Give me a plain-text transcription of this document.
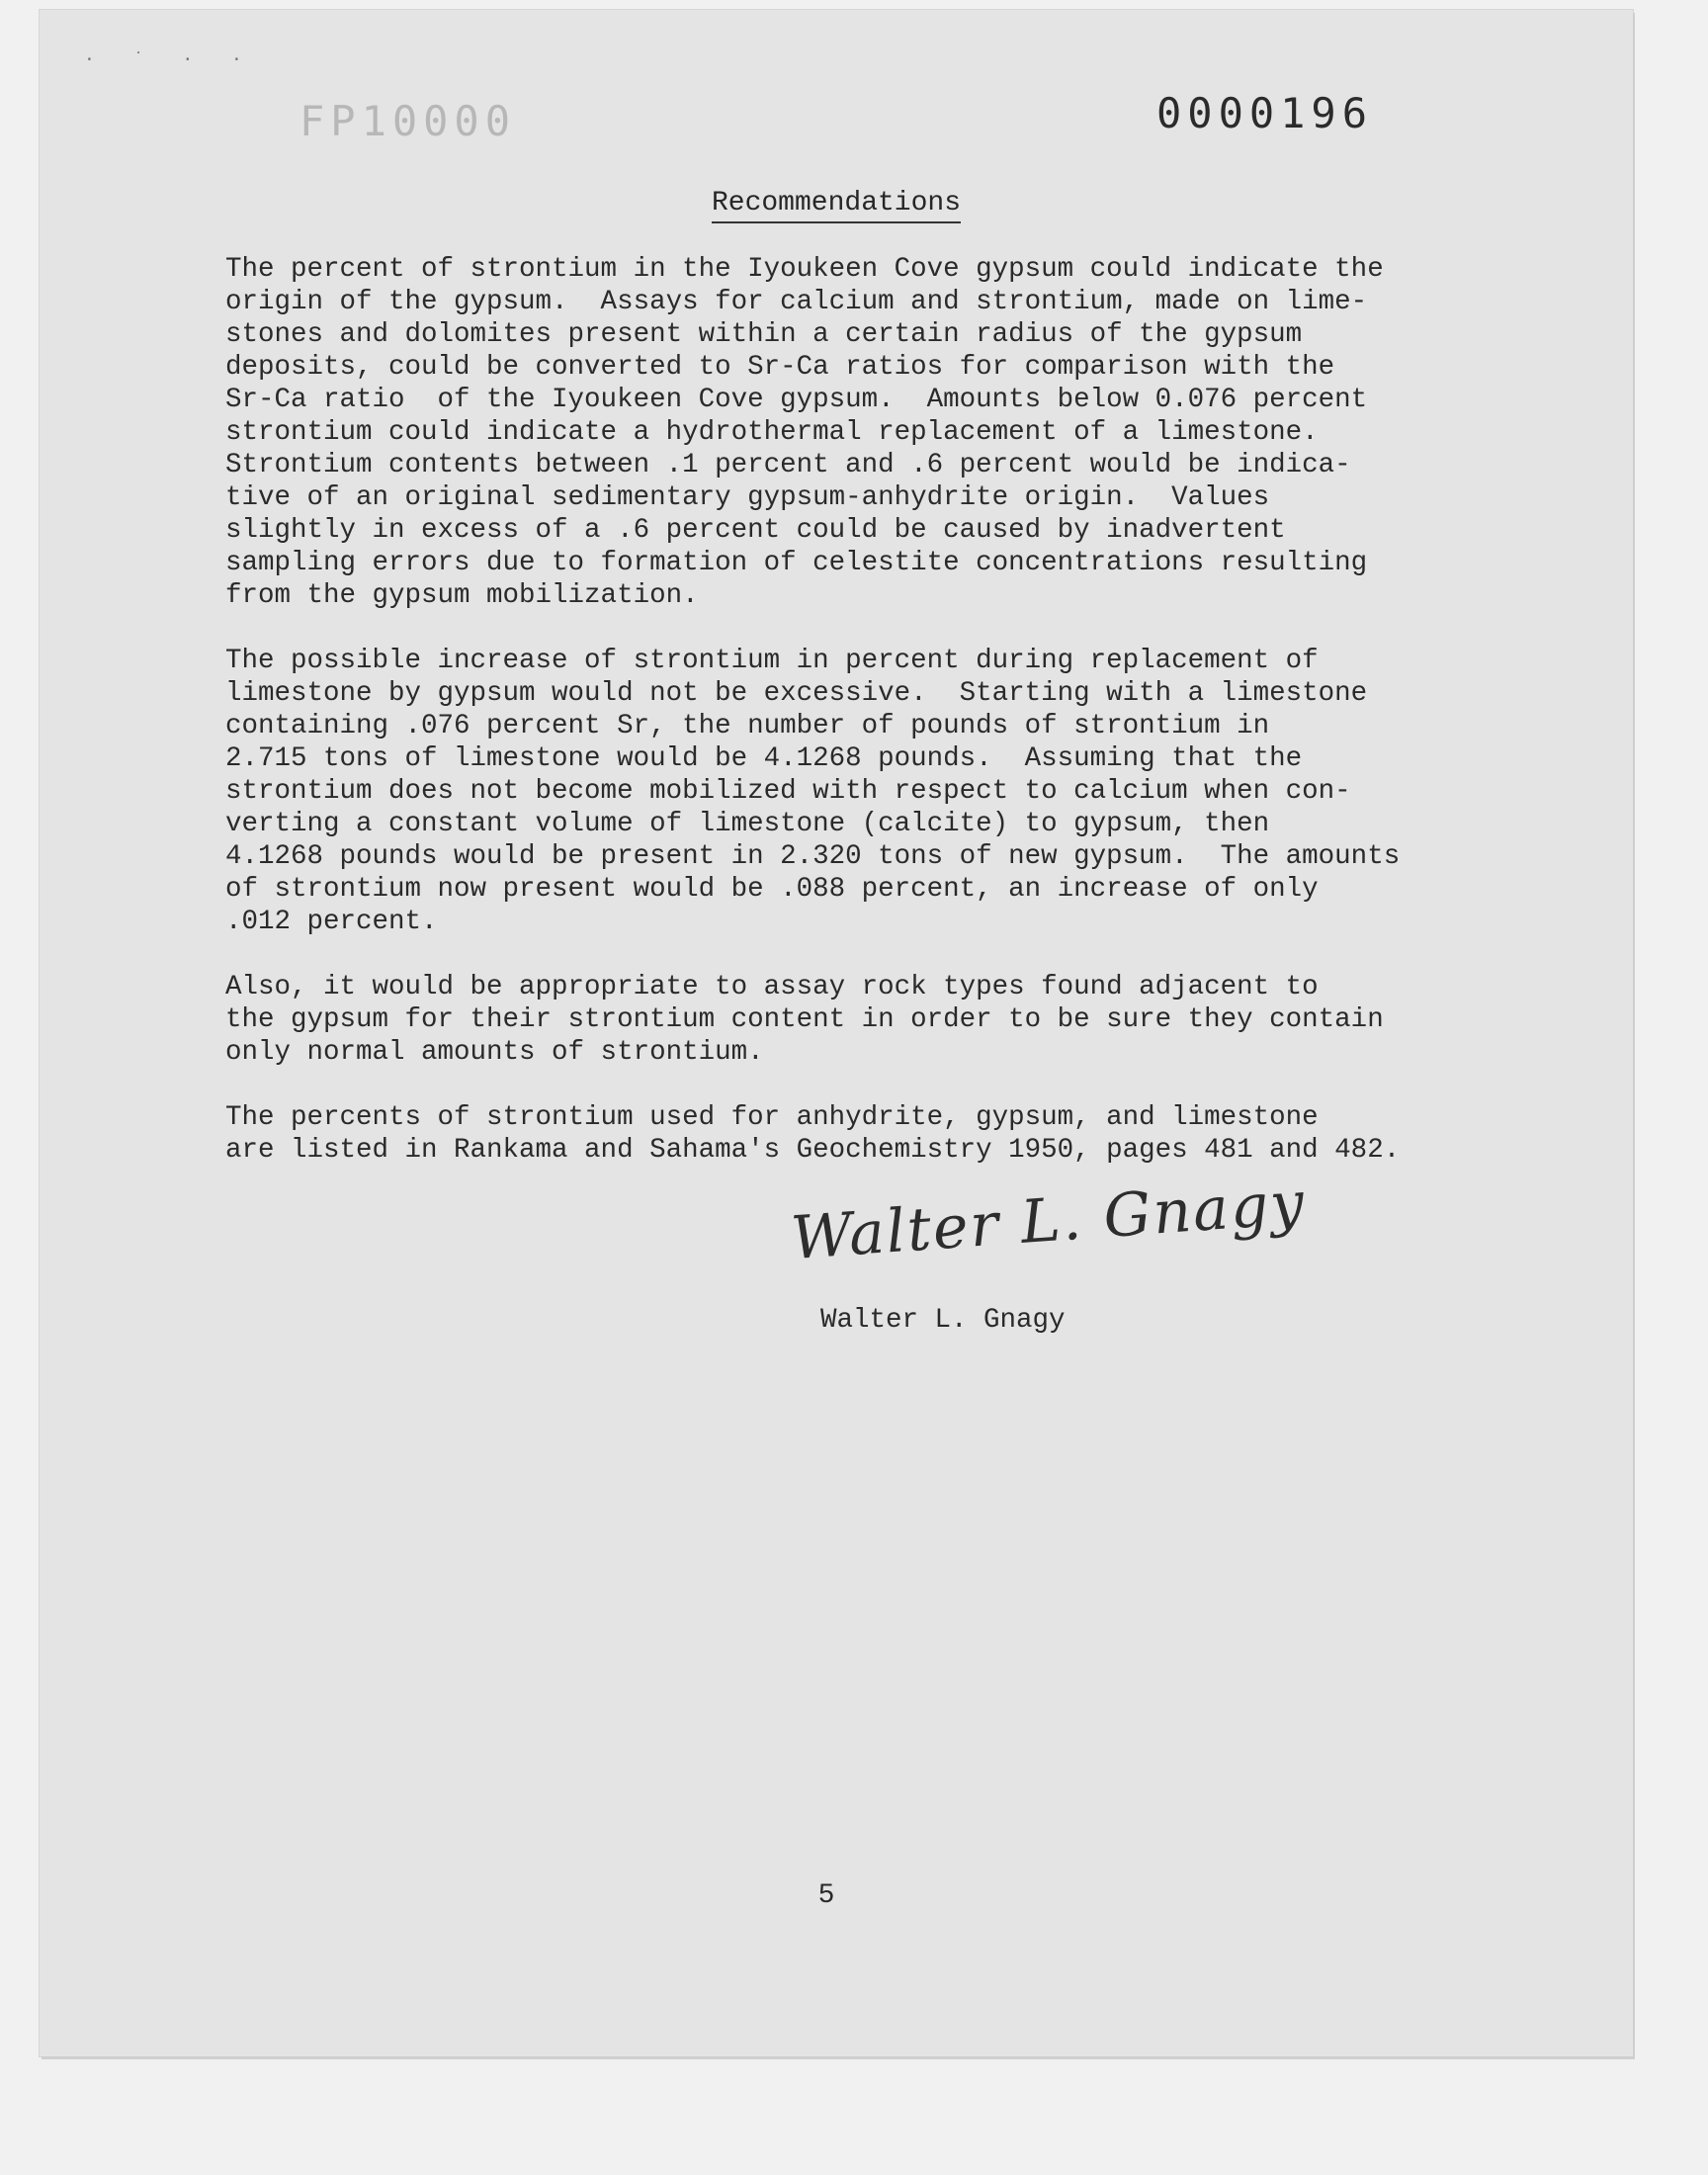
· ˙ · ·
FP10000	0000196
Recommendations
The percent of strontium in the Iyoukeen Cove gypsum could indicate the
origin of the gypsum.  Assays for calcium and strontium, made on lime-
stones and dolomites present within a certain radius of the gypsum
deposits, could be converted to Sr-Ca ratios for comparison with the
Sr-Ca ratio  of the Iyoukeen Cove gypsum.  Amounts below 0.076 percent
strontium could indicate a hydrothermal replacement of a limestone.
Strontium contents between .1 percent and .6 percent would be indica-
tive of an original sedimentary gypsum-anhydrite origin.  Values
slightly in excess of a .6 percent could be caused by inadvertent
sampling errors due to formation of celestite concentrations resulting
from the gypsum mobilization.
The possible increase of strontium in percent during replacement of
limestone by gypsum would not be excessive.  Starting with a limestone
containing .076 percent Sr, the number of pounds of strontium in
2.715 tons of limestone would be 4.1268 pounds.  Assuming that the
strontium does not become mobilized with respect to calcium when con-
verting a constant volume of limestone (calcite) to gypsum, then
4.1268 pounds would be present in 2.320 tons of new gypsum.  The amounts
of strontium now present would be .088 percent, an increase of only
.012 percent.
Also, it would be appropriate to assay rock types found adjacent to
the gypsum for their strontium content in order to be sure they contain
only normal amounts of strontium.
The percents of strontium used for anhydrite, gypsum, and limestone
are listed in Rankama and Sahama's Geochemistry 1950, pages 481 and 482.
Walter L. Gnagy
Walter L. Gnagy
5
